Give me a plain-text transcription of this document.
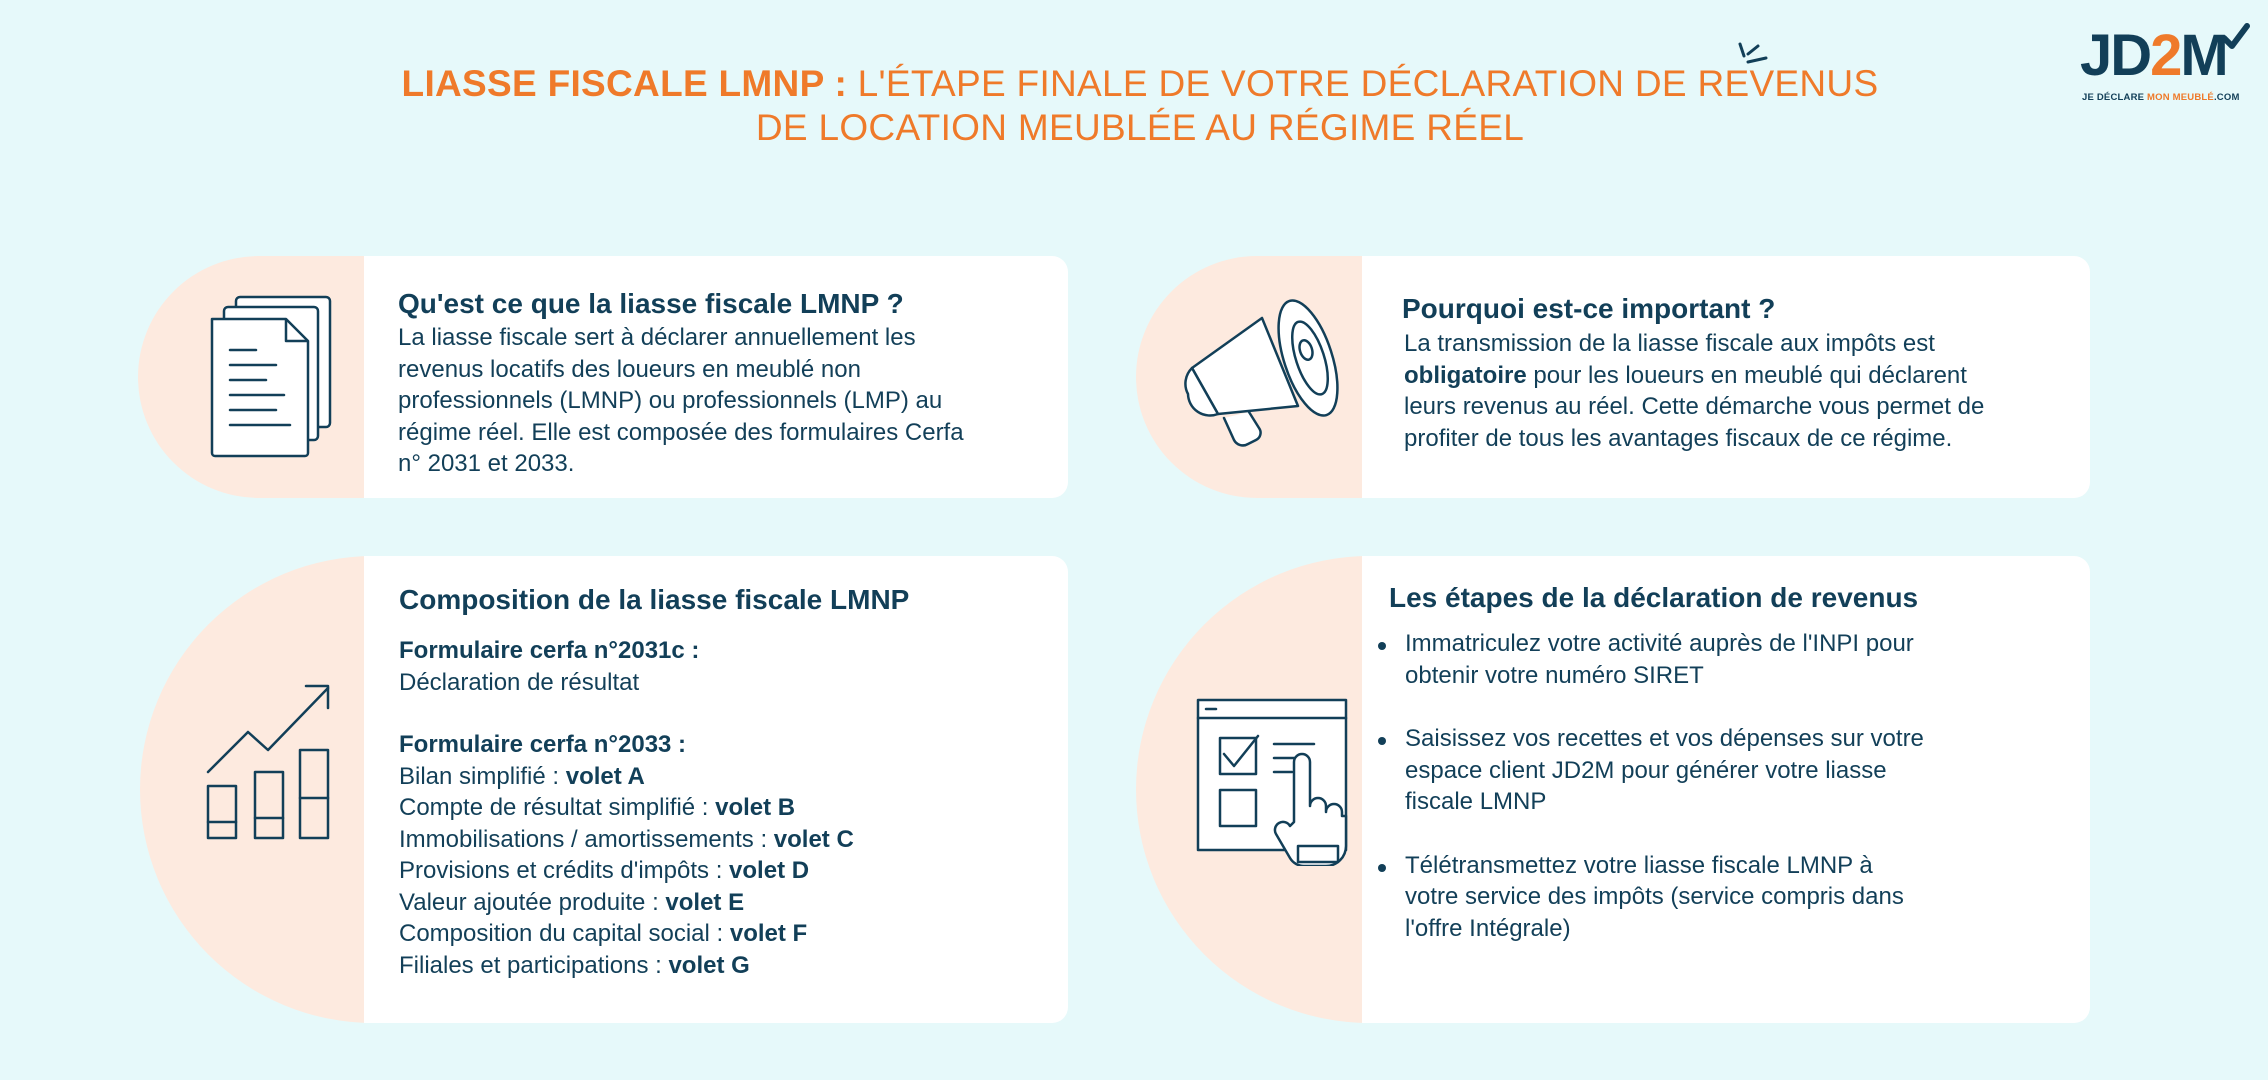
LIASSE FISCALE LMNP : L'ÉTAPE FINALE DE VOTRE DÉCLARATION DE REVENUS DE LOCATION MEUBLÉE AU RÉGIME RÉEL
JD2M
JE DÉCLARE MON MEUBLÉ.COM
Qu'est ce que la liasse fiscale LMNP ?
La liasse fiscale sert à déclarer annuellement les
revenus locatifs des loueurs en meublé non
professionnels (LMNP) ou professionnels (LMP) au
régime réel. Elle est composée des formulaires Cerfa
n° 2031 et 2033.
Pourquoi est-ce important ?
La transmission de la liasse fiscale aux impôts est
obligatoire pour les loueurs en meublé qui déclarent
leurs revenus au réel. Cette démarche vous permet de
profiter de tous les avantages fiscaux de ce régime.
Composition de la liasse fiscale LMNP
Formulaire cerfa n°2031c :
Déclaration de résultat
Formulaire cerfa n°2033 :
Bilan simplifié : volet A
Compte de résultat simplifié : volet B
Immobilisations / amortissements : volet C
Provisions et crédits d'impôts : volet D
Valeur ajoutée produite : volet E
Composition du capital social : volet F
Filiales et participations : volet G
Les étapes de la déclaration de revenus
Immatriculez votre activité auprès de l'INPI pour
obtenir votre numéro SIRET
Saisissez vos recettes et vos dépenses sur votre
espace client JD2M pour générer votre liasse
fiscale LMNP
Télétransmettez votre liasse fiscale LMNP à
votre service des impôts (service compris dans
l'offre Intégrale)
